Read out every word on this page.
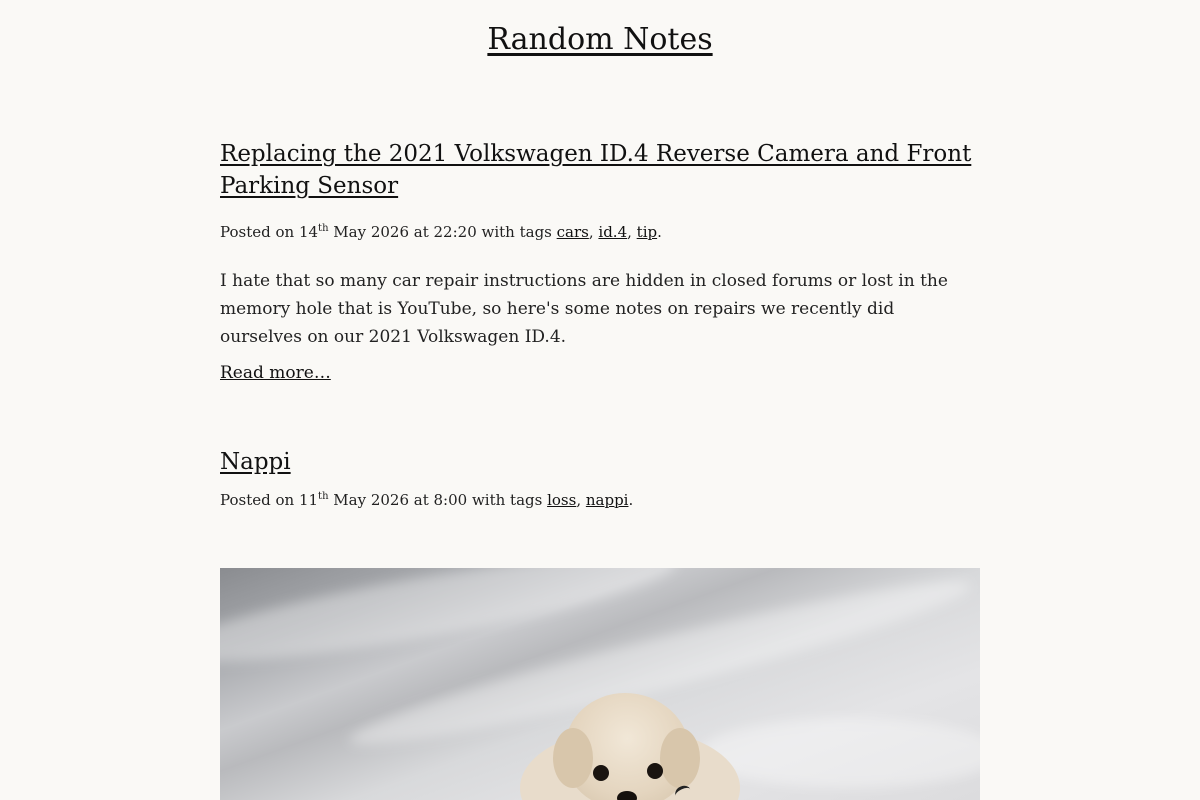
Random Notes
Replacing the 2021 Volkswagen ID.4 Reverse Camera and Front Parking Sensor
Posted on 14th May 2026 at 22:20 with tags cars, id.4, tip.

I hate that so many car repair instructions are hidden in closed forums or lost in the memory hole that is YouTube, so here's some notes on repairs we recently did ourselves on our 2021 Volkswagen ID.4.

Read more…
Nappi
Posted on 11th May 2026 at 8:00 with tags loss, nappi.
